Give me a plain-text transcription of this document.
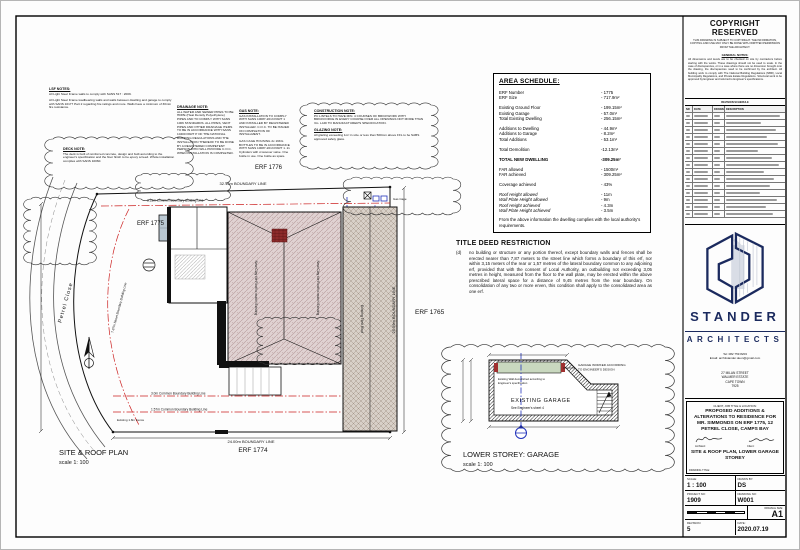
Petrel Close	7.87m Street Boundary Building Line
3.15m Common Boundary Building Line
3.0m Common Boundary Building Line
1.57m Common Boundary Building Line
Gas Cage
New Clay tile Roof to match Existing	New Clay tile Roof to match Existing
Existing Tiled Roof
ERF 1775
ERF 1776
ERF 1765
ERF 1774
32.13m BOUNDARY LINE
24.00m BOUNDARY LINE
25.59m BOUNDARY LINE
Existing 1.8m Fence
SITE & ROOF PLAN
scale 1: 100
GARAGE WORKED ACCORDING
TO ENGINEER'S DESIGN
Existing Wall demolished according to
Engineer's specification
EXISTING GARAGE
See Engineer's sheet 4
LOWER STOREY: GARAGE
scale 1: 100
LSF NOTES:

All Light Steel Frame walls to comply with SANS 517 : 2009.

All Light Steel Frame loadbearing walls and walls between dwelling and garage to comply with SANS 10177 Part 2 regarding fire ratings and more. Walls have a minimum of 30min fire resistance.

DECK NOTE:

The deck is built of reinforced concrete, design and built according to the engineer's specification and the floor finish to be epoxy screed. Whole installation complies with SANS 10060.

DRAINAGE NOTE:

ALL WATER AND SEWER PIPES TO BE HDPE (Heat Density Polyethylene) PIPES AND TO COMPLY WITH SANS 1006 STANDARDS. ALL PIPES, VENT PIPES AND OTHER DRAINAGE ITEMS TO BE IN ACCORDANCE WITH SANS 10400 PART P OF THE NATIONAL BUILDING REGULATIONS AND THE INSTALLATION THEREOF TO BE DONE BY A REGISTERED COMPETENT PERSON WHO WILL PROVIDE C.O.C. WHEN INSTALLATION IS COMPLETED.

GAS NOTE:

GAS INSTALLATION TO COMPLY WITH SANS 10087-2013 PART 1 AND INSTALLED BY REGISTERED INSTALLER. C.O.C. TO BE ISSUED ON COMPLETION OF INSTALLMENT.

GAS CAGE HOUSING 2x 19KG BOTTLES TO BE IN ACCORDANCE WITH SANS 10087-2013 PART 1. 2x Cylinders with crossover valve. One bottle in use. One bottle as spare.

CONSTRUCTION NOTE:

PC LINTELS TO HAVE MIN. 4 COURSES OF BRICKWORK WITH BRICKFORCE IN EVERY COURSE OVER ALL OPENINGS NOT MORE THAN 3m. LAID TO MANUFACTURER'S SPECIFICATION.

GLAZING NOTE:

All glazing exceeding 1m² in size or less than 500mm above FFL to be SABS approved safety glass.

AREA SCHEDULE:
ERF Number	- 1775
ERF Size	- 717.9m²
Existing Ground Floor	- 199.15m²
Existing Garage	- 57.0m²
Total Existing Dwelling	- 256.15m²
Additions to Dwelling	- 44.9m²
Additions to Garage	- 8.2m²
Total Additions	- 53.1m²
Total Demolition	-12.13m²
TOTAL NEW DWELLING	-309.25m²
FAR allowed	- 1500m²
FAR achieved	- 309.25m²
Coverage achieved	- 43%
Roof Height allowed	- 11m
Wall Plate Height allowed	- 9m
Roof Height achieved	- 4.3m
Wall Plate Height achieved	- 3.5m
From the above information the dwelling complies with the local authority's requirements.
TITLE DEED RESTRICTION
(d)	no building or structure or any portion thereof, except boundary walls and fences shall be erected nearer than 7,87 meters to the street line which forms a boundary of this erf, nor within 3,15 meters of the rear or 1,57 metres of the lateral boundary common to any adjoining erf, provided that with the consent of Local Authority, an outbuilding not exceeding 3,05 metres in height, measured from the floor to the wall plate, may be erected within the above prescribed lateral space for a distance of 9,45 metres from the rear boundary. On consolidation of any two or more erven, this condition shall apply to the consolidated area as one erf.
COPYRIGHT RESERVED

THIS DRAWING IS SUBJECT TO COPYRIGHT. THE INFORMATION, COPYING AND USE MAY ONLY BE DONE WITH WRITTEN PERMISSION FROM THE ARCHITECT.

GENERAL NOTES:

All dimensions and levels are to be checked on site by contractors before starting with the works. These drawings should not be used to scale. In the case of discrepancies, or in a case where there are no dimension brought onto the drawing, the discrepancies need to be confirmed by the architect. All building work to comply with The National Building Regulations (NBR), Local Municipality Regulations, and Private Estate Regulations. Structural work to be approved by Engineer and referred to Engineer's specifications.

REVISION SCHEDULE
NR	DATE	DRAWN DESCRIPTION
STANDER
ARCHITECTS
Tel: 082 759 8203
Email: architstander.deon@gmail.com
27 MILAN STREET
WALMER ESTATE
CAPE TOWN
7925
CLIENT, JOB TITLE & LOCATION:
PROPOSED ADDITIONS & ALTERATIONS TO RESIDENCE FOR MR. SIMMONDS ON ERF 1775, 12 PETREL CLOSE, CAMPS BAY
Architect:	Client:
SITE & ROOF PLAN, LOWER GARAGE STOREY
DRAWING TITLE:
SCALE:
1 : 100
DRAWN BY:
DS
PROJECT NO:
1909
DRAWING NO:
W001
ORIGINAL SIZE:
A1
REVISION:
5
DATE:
2020.07.19
